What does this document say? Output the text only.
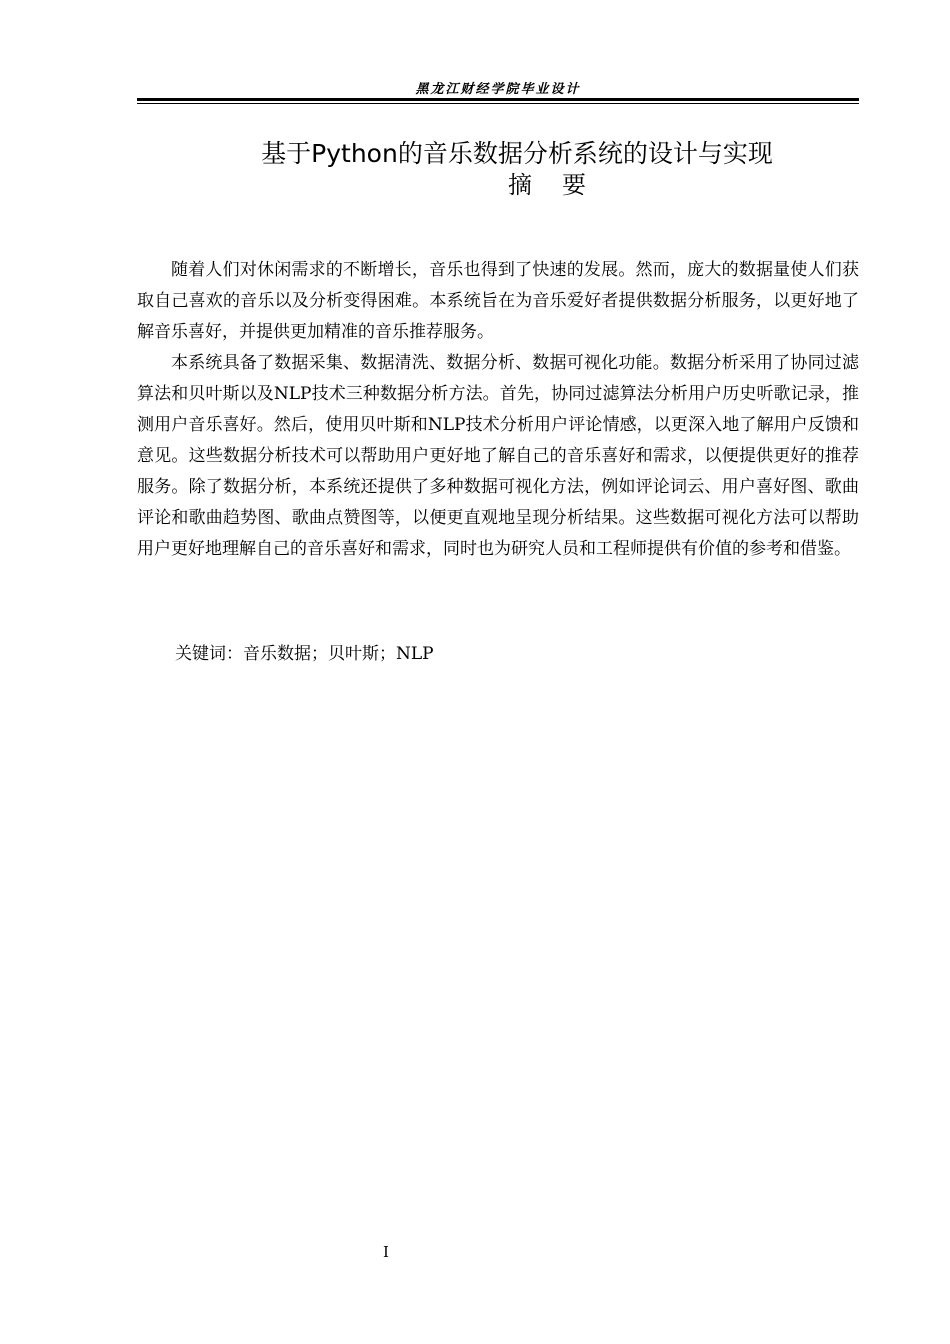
黑龙江财经学院毕业设计
基于Python的音乐数据分析系统的设计与实现
摘要

随着人们对休闲需求的不断增长，音乐也得到了快速的发展。然而，庞大的数据量使人们获取自己喜欢的音乐以及分析变得困难。本系统旨在为音乐爱好者提供数据分析服务，以更好地了解音乐喜好，并提供更加精准的音乐推荐服务。

本系统具备了数据采集、数据清洗、数据分析、数据可视化功能。数据分析采用了协同过滤算法和贝叶斯以及NLP技术三种数据分析方法。首先，协同过滤算法分析用户历史听歌记录，推测用户音乐喜好。然后，使用贝叶斯和NLP技术分析用户评论情感，以更深入地了解用户反馈和意见。这些数据分析技术可以帮助用户更好地了解自己的音乐喜好和需求，以便提供更好的推荐服务。除了数据分析，本系统还提供了多种数据可视化方法，例如评论词云、用户喜好图、歌曲评论和歌曲趋势图、歌曲点赞图等，以便更直观地呈现分析结果。这些数据可视化方法可以帮助用户更好地理解自己的音乐喜好和需求，同时也为研究人员和工程师提供有价值的参考和借鉴。

关键词：音乐数据；贝叶斯；NLP
I
